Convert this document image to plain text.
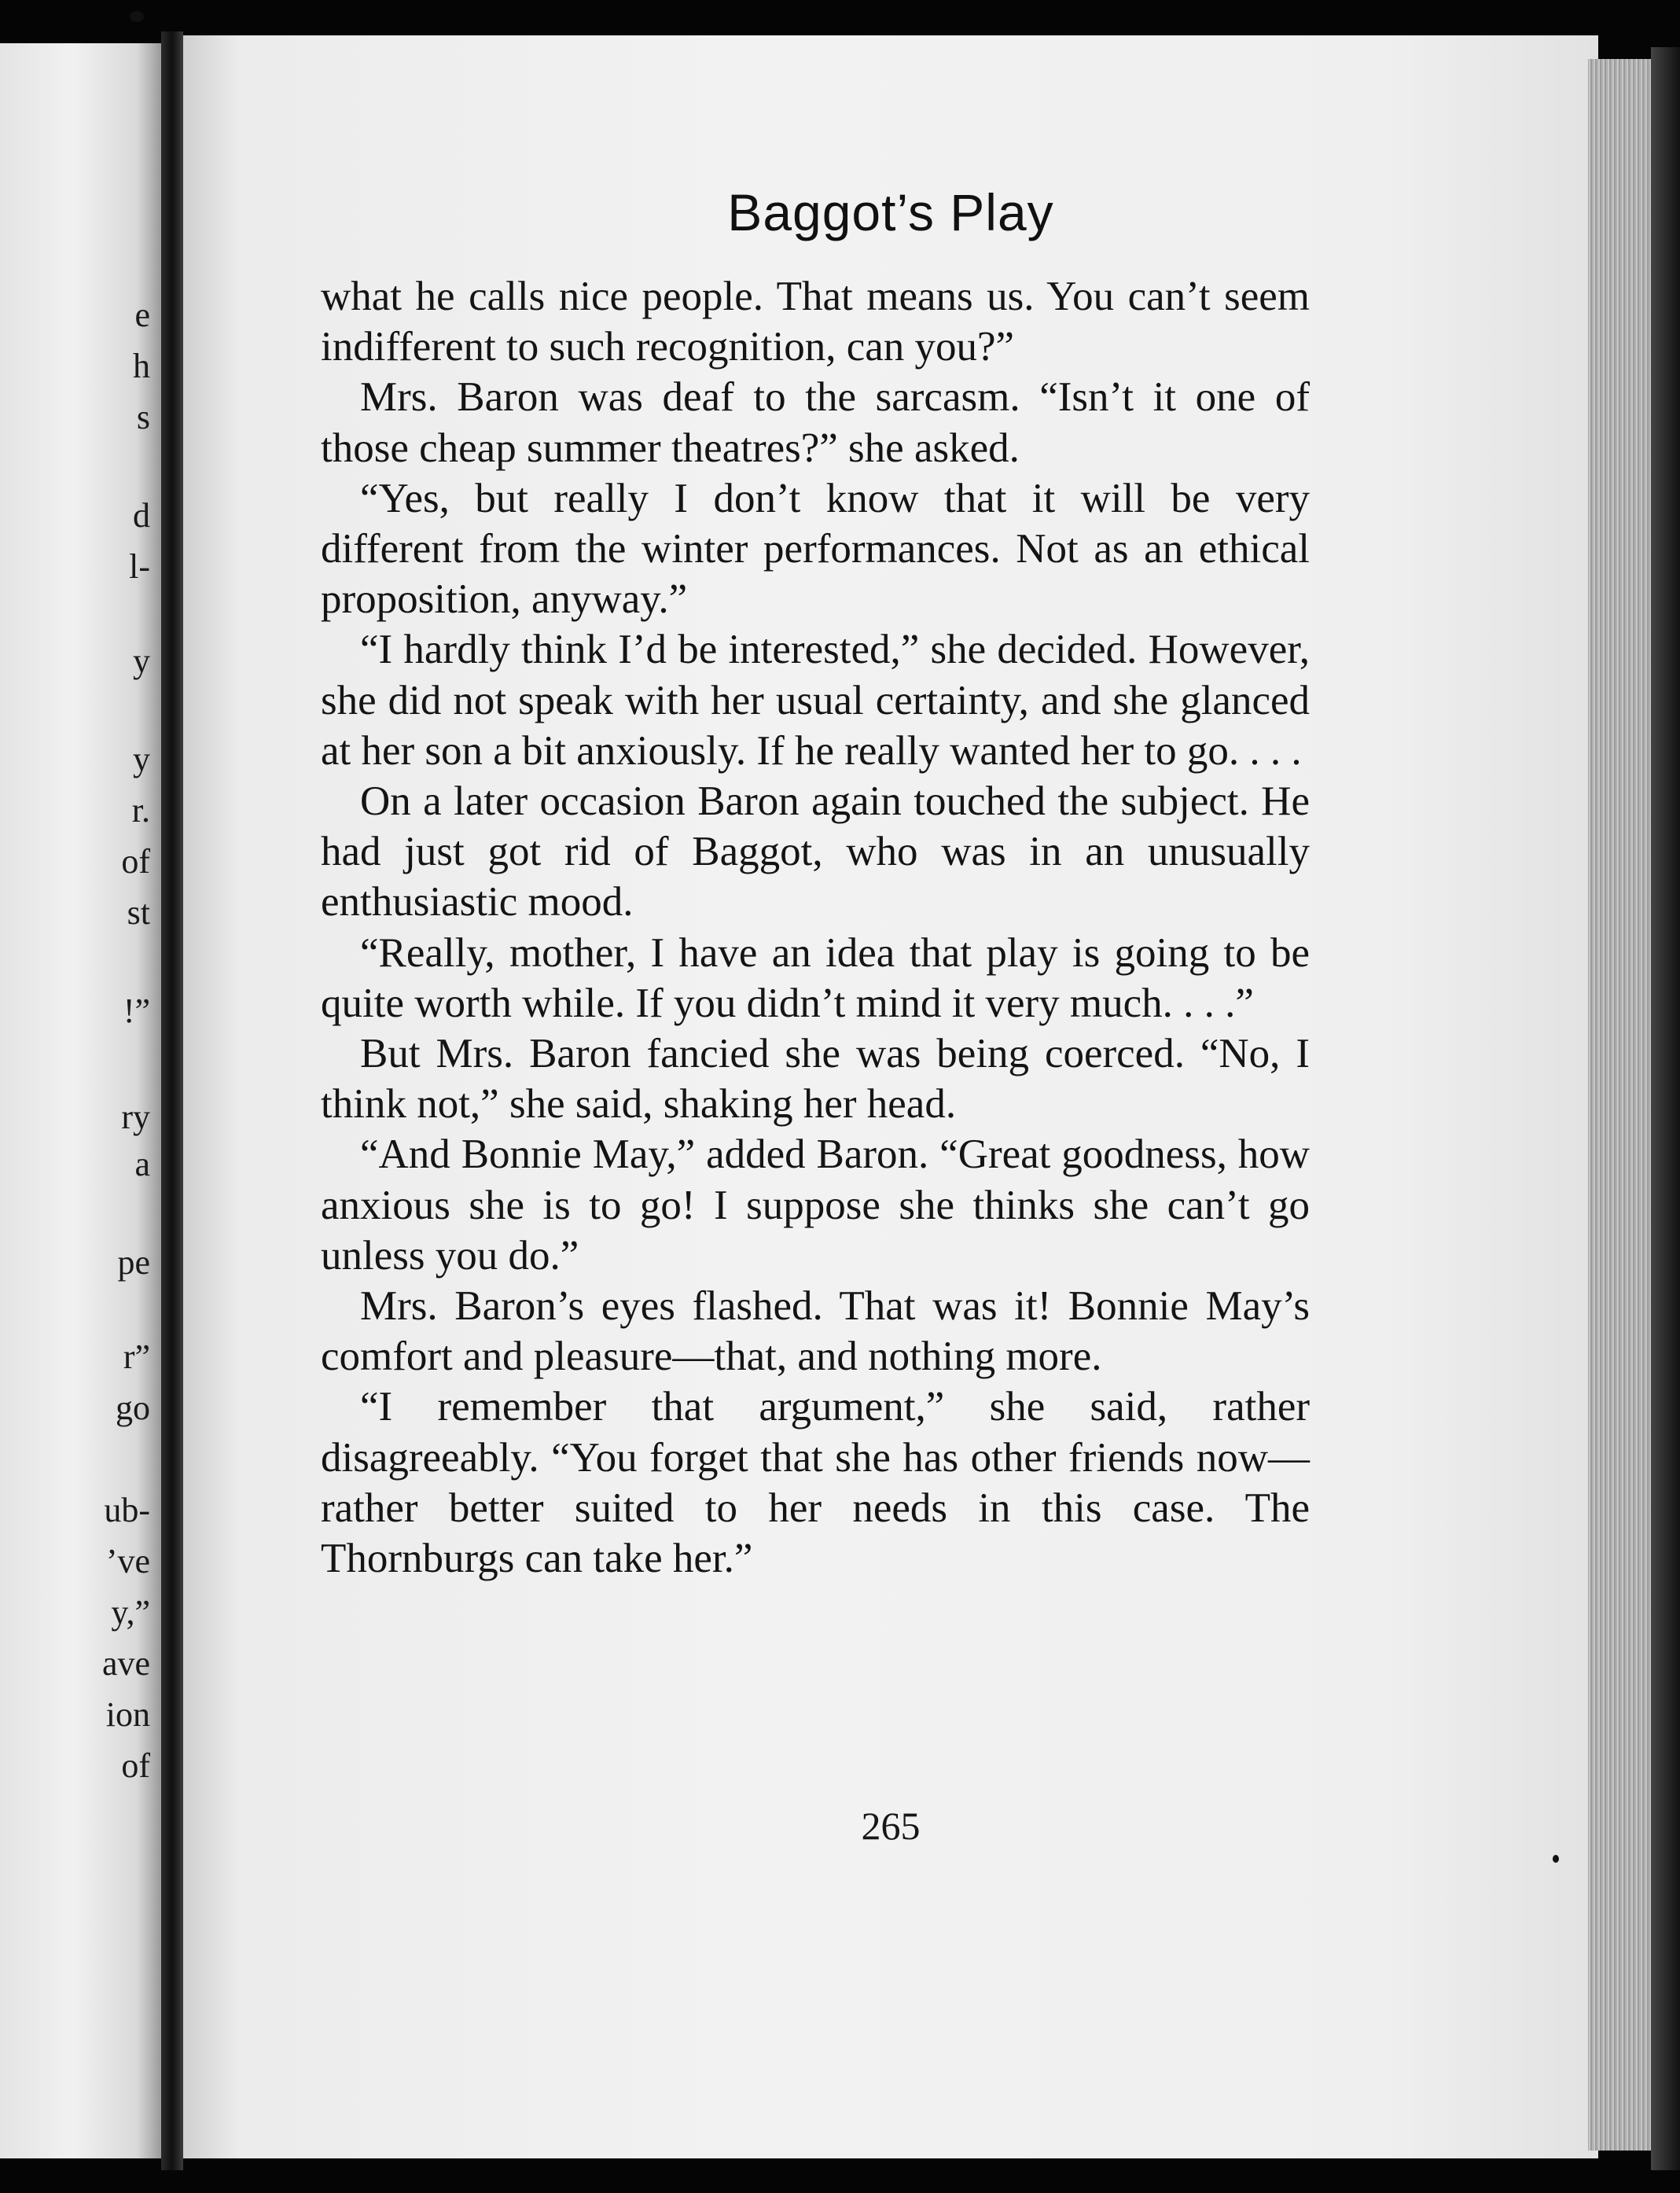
e
h
s
d
l-
y
y
r.
of
st
!”
ry
a
pe
r”
go
ub-
’ve
y,”
ave
ion
of
Baggot’s Play

what he calls nice people. That means us. You can’t seem indifferent to such recognition, can you?”

Mrs. Baron was deaf to the sarcasm. “Isn’t it one of those cheap summer theatres?” she asked.

“Yes, but really I don’t know that it will be very different from the winter performances. Not as an ethical proposition, anyway.”

“I hardly think I’d be interested,” she decided. However, she did not speak with her usual certainty, and she glanced at her son a bit anxiously. If he really wanted her to go. . . .

On a later occasion Baron again touched the subject. He had just got rid of Baggot, who was in an unusually enthusiastic mood.

“Really, mother, I have an idea that play is going to be quite worth while. If you didn’t mind it very much. . . .”

But Mrs. Baron fancied she was being coerced. “No, I think not,” she said, shaking her head.

“And Bonnie May,” added Baron. “Great goodness, how anxious she is to go! I suppose she thinks she can’t go unless you do.”

Mrs. Baron’s eyes flashed. That was it! Bonnie May’s comfort and pleasure—that, and nothing more.

“I remember that argument,” she said, rather disagreeably. “You forget that she has other friends now—rather better suited to her needs in this case. The Thornburgs can take her.”

265
